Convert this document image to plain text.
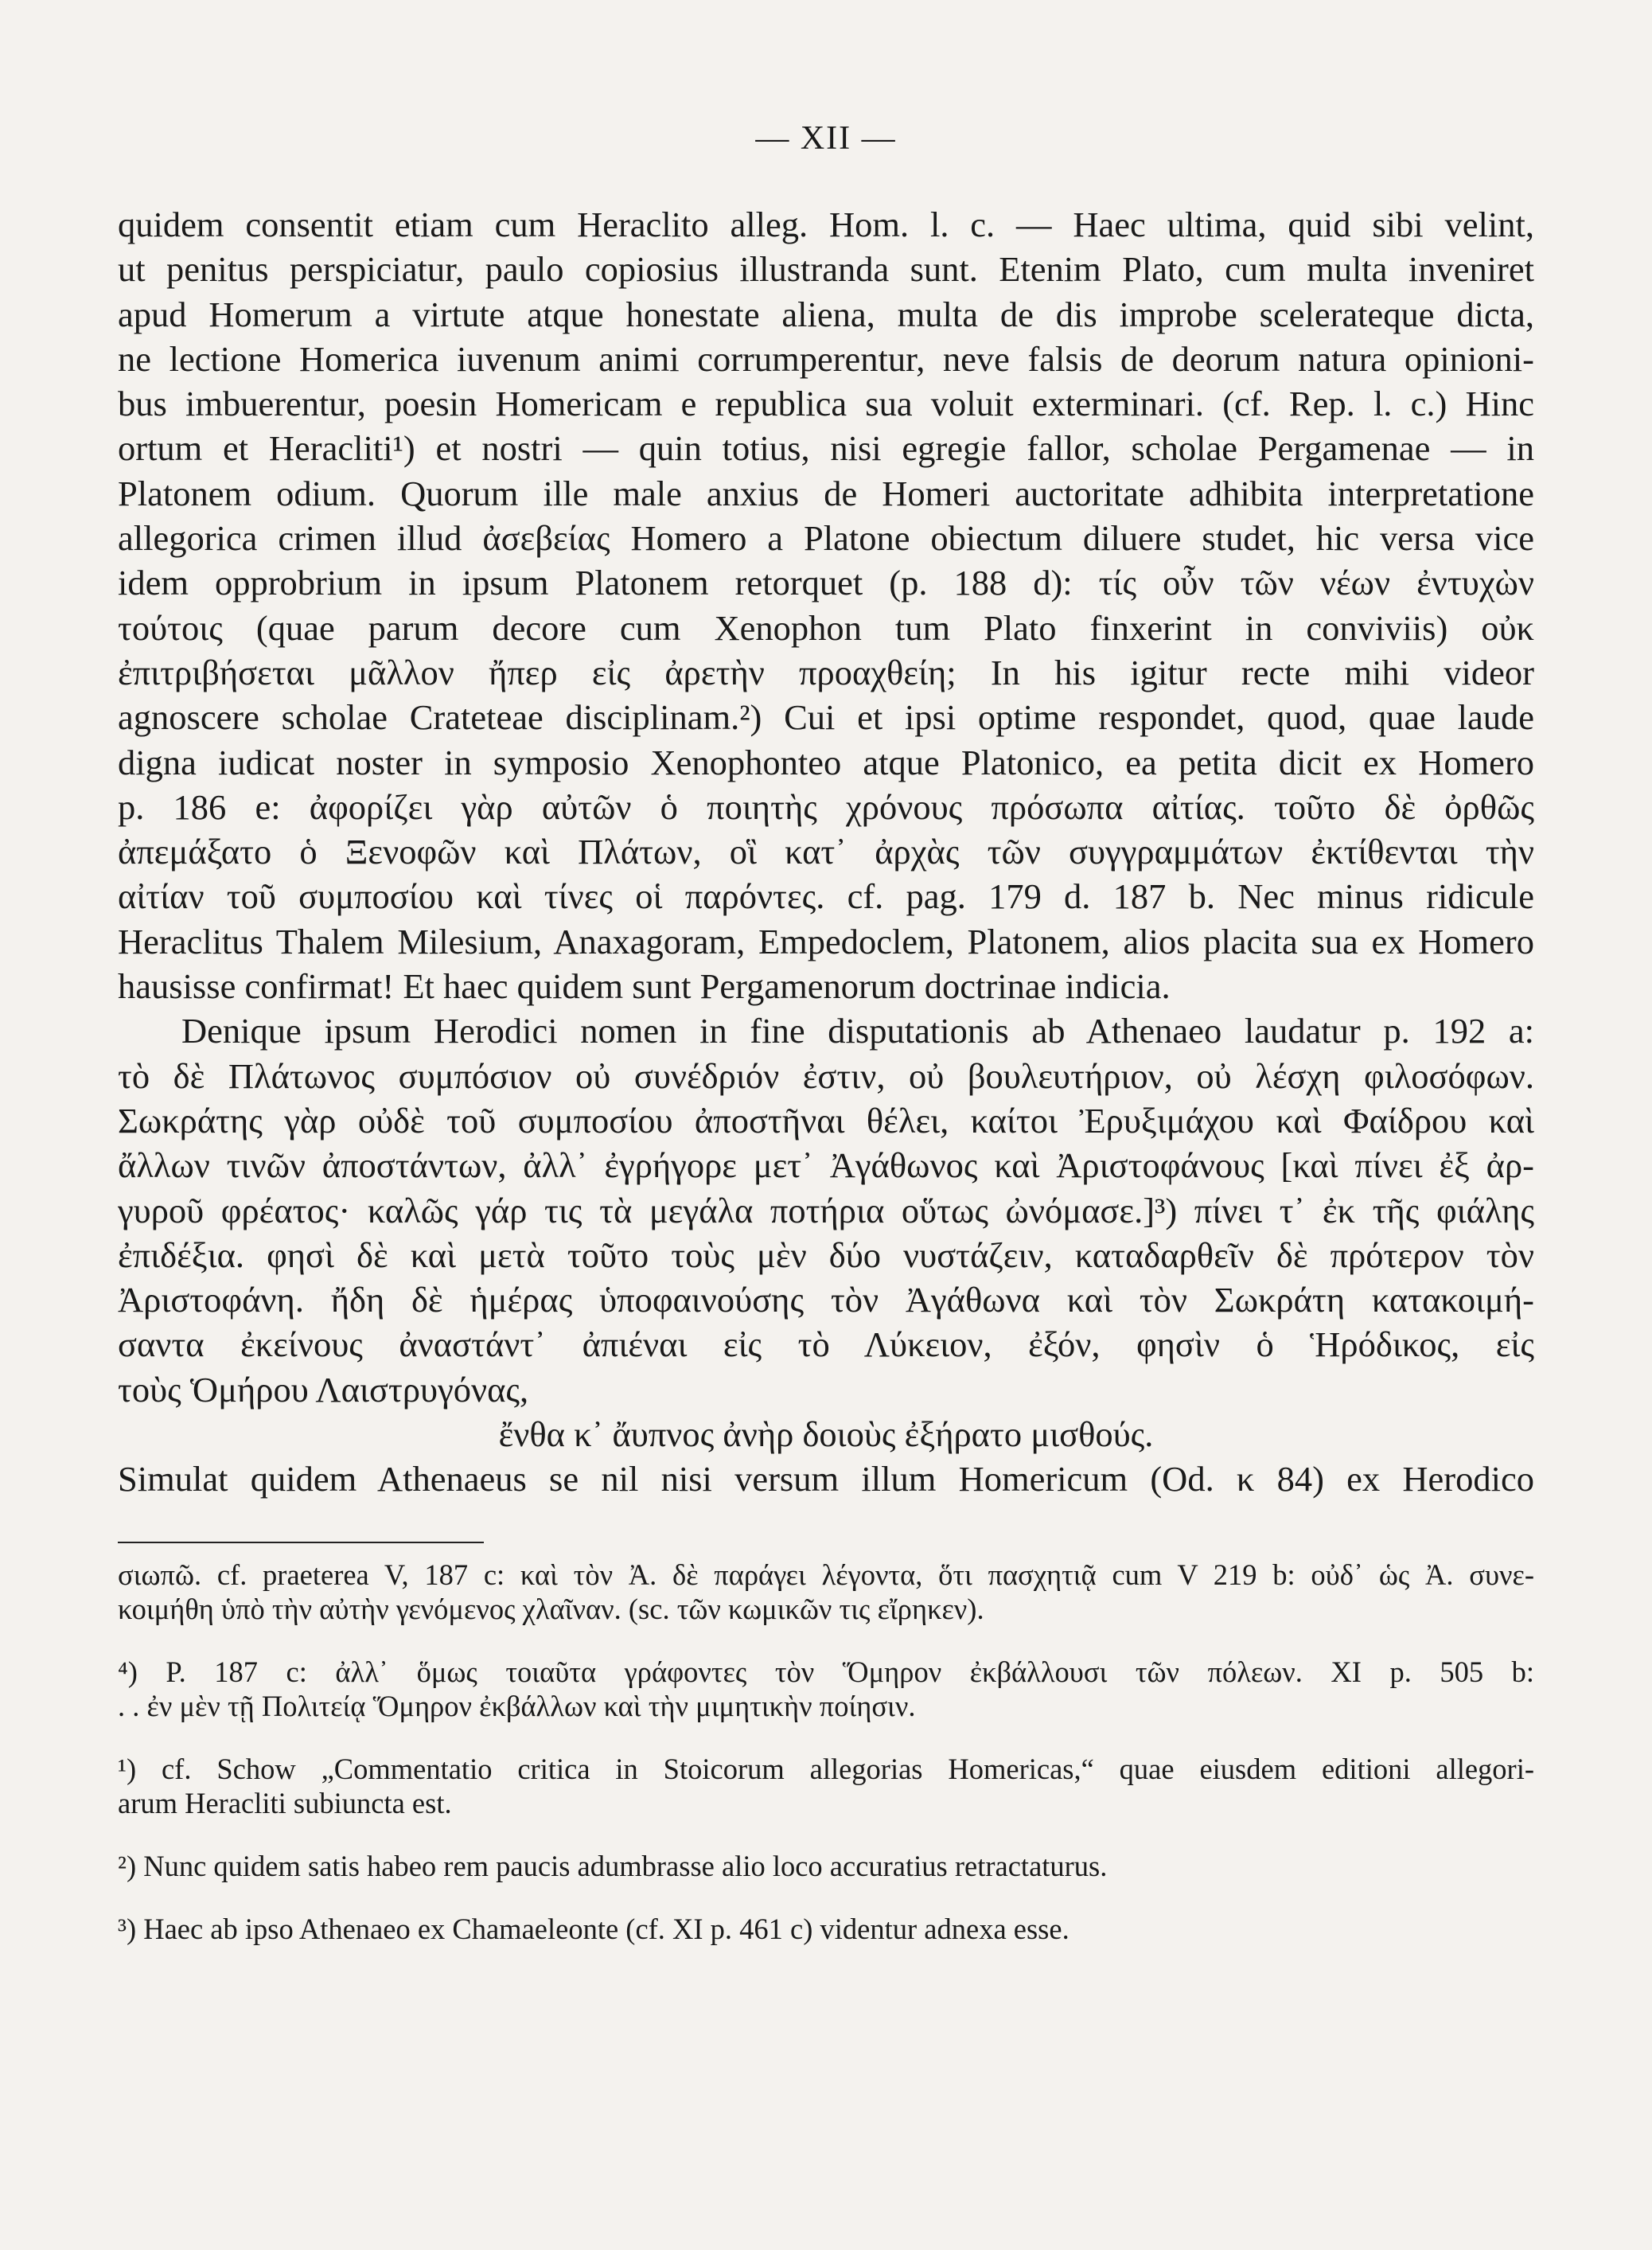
— XII —
quidem consentit etiam cum Heraclito alleg. Hom. l. c. — Haec ultima, quid sibi velint,
ut penitus perspiciatur, paulo copiosius illustranda sunt. Etenim Plato, cum multa inveniret
apud Homerum a virtute atque honestate aliena, multa de dis improbe scelerateque dicta,
ne lectione Homerica iuvenum animi corrumperentur, neve falsis de deorum natura opinioni-
bus imbuerentur, poesin Homericam e republica sua voluit exterminari. (cf. Rep. l. c.) Hinc
ortum et Heracliti¹) et nostri — quin totius, nisi egregie fallor, scholae Pergamenae — in
Platonem odium. Quorum ille male anxius de Homeri auctoritate adhibita interpretatione
allegorica crimen illud ἀσεβείας Homero a Platone obiectum diluere studet, hic versa vice
idem opprobrium in ipsum Platonem retorquet (p. 188 d): τίς οὖν τῶν νέων ἐντυχὼν
τούτοις (quae parum decore cum Xenophon tum Plato finxerint in conviviis) οὐκ
ἐπιτριβήσεται μᾶλλον ἤπερ εἰς ἀρετὴν προαχθείη; In his igitur recte mihi videor
agnoscere scholae Crateteae disciplinam.²) Cui et ipsi optime respondet, quod, quae laude
digna iudicat noster in symposio Xenophonteo atque Platonico, ea petita dicit ex Homero
p. 186 e: ἀφορίζει γὰρ αὐτῶν ὁ ποιητὴς χρόνους πρόσωπα αἰτίας. τοῦτο δὲ ὀρθῶς
ἀπεμάξατο ὁ Ξενοφῶν καὶ Πλάτων, οἳ κατ᾽ ἀρχὰς τῶν συγγραμμάτων ἐκτίθενται τὴν
αἰτίαν τοῦ συμποσίου καὶ τίνες οἱ παρόντες. cf. pag. 179 d. 187 b. Nec minus ridicule
Heraclitus Thalem Milesium, Anaxagoram, Empedoclem, Platonem, alios placita sua ex Homero
hausisse confirmat! Et haec quidem sunt Pergamenorum doctrinae indicia.
Denique ipsum Herodici nomen in fine disputationis ab Athenaeo laudatur p. 192 a:
τὸ δὲ Πλάτωνος συμπόσιον οὐ συνέδριόν ἐστιν, οὐ βουλευτήριον, οὐ λέσχη φιλοσόφων.
Σωκράτης γὰρ οὐδὲ τοῦ συμποσίου ἀποστῆναι θέλει, καίτοι Ἐρυξιμάχου καὶ Φαίδρου καὶ
ἄλλων τινῶν ἀποστάντων, ἀλλ᾽ ἐγρήγορε μετ᾽ Ἀγάθωνος καὶ Ἀριστοφάνους [καὶ πίνει ἐξ ἀρ-
γυροῦ φρέατος· καλῶς γάρ τις τὰ μεγάλα ποτήρια οὕτως ὠνόμασε.]³) πίνει τ᾽ ἐκ τῆς φιάλης
ἐπιδέξια. φησὶ δὲ καὶ μετὰ τοῦτο τοὺς μὲν δύο νυστάζειν, καταδαρθεῖν δὲ πρότερον τὸν
Ἀριστοφάνη. ἤδη δὲ ἡμέρας ὑποφαινούσης τὸν Ἀγάθωνα καὶ τὸν Σωκράτη κατακοιμή-
σαντα ἐκείνους ἀναστάντ᾽ ἀπιέναι εἰς τὸ Λύκειον, ἐξόν, φησὶν ὁ Ἡρόδικος, εἰς
τοὺς Ὁμήρου Λαιστρυγόνας,
ἔνθα κ᾽ ἄυπνος ἀνὴρ δοιοὺς ἐξήρατο μισθούς.
Simulat quidem Athenaeus se nil nisi versum illum Homericum (Od. κ 84) ex Herodico
σιωπῶ. cf. praeterea V, 187 c: καὶ τὸν Ἀ. δὲ παράγει λέγοντα, ὅτι πασχητιᾷ cum V 219 b: οὐδ᾽ ὡς Ἀ. συνε-
κοιμήθη ὑπὸ τὴν αὐτὴν γενόμενος χλαῖναν. (sc. τῶν κωμικῶν τις εἴρηκεν).
⁴) P. 187 c: ἀλλ᾽ ὅμως τοιαῦτα γράφοντες τὸν Ὅμηρον ἐκβάλλουσι τῶν πόλεων. XI p. 505 b:
. . ἐν μὲν τῇ Πολιτείᾳ Ὅμηρον ἐκβάλλων καὶ τὴν μιμητικὴν ποίησιν.
¹) cf. Schow „Commentatio critica in Stoicorum allegorias Homericas,“ quae eiusdem editioni allegori-
arum Heracliti subiuncta est.
²) Nunc quidem satis habeo rem paucis adumbrasse alio loco accuratius retractaturus.
³) Haec ab ipso Athenaeo ex Chamaeleonte (cf. XI p. 461 c) videntur adnexa esse.
